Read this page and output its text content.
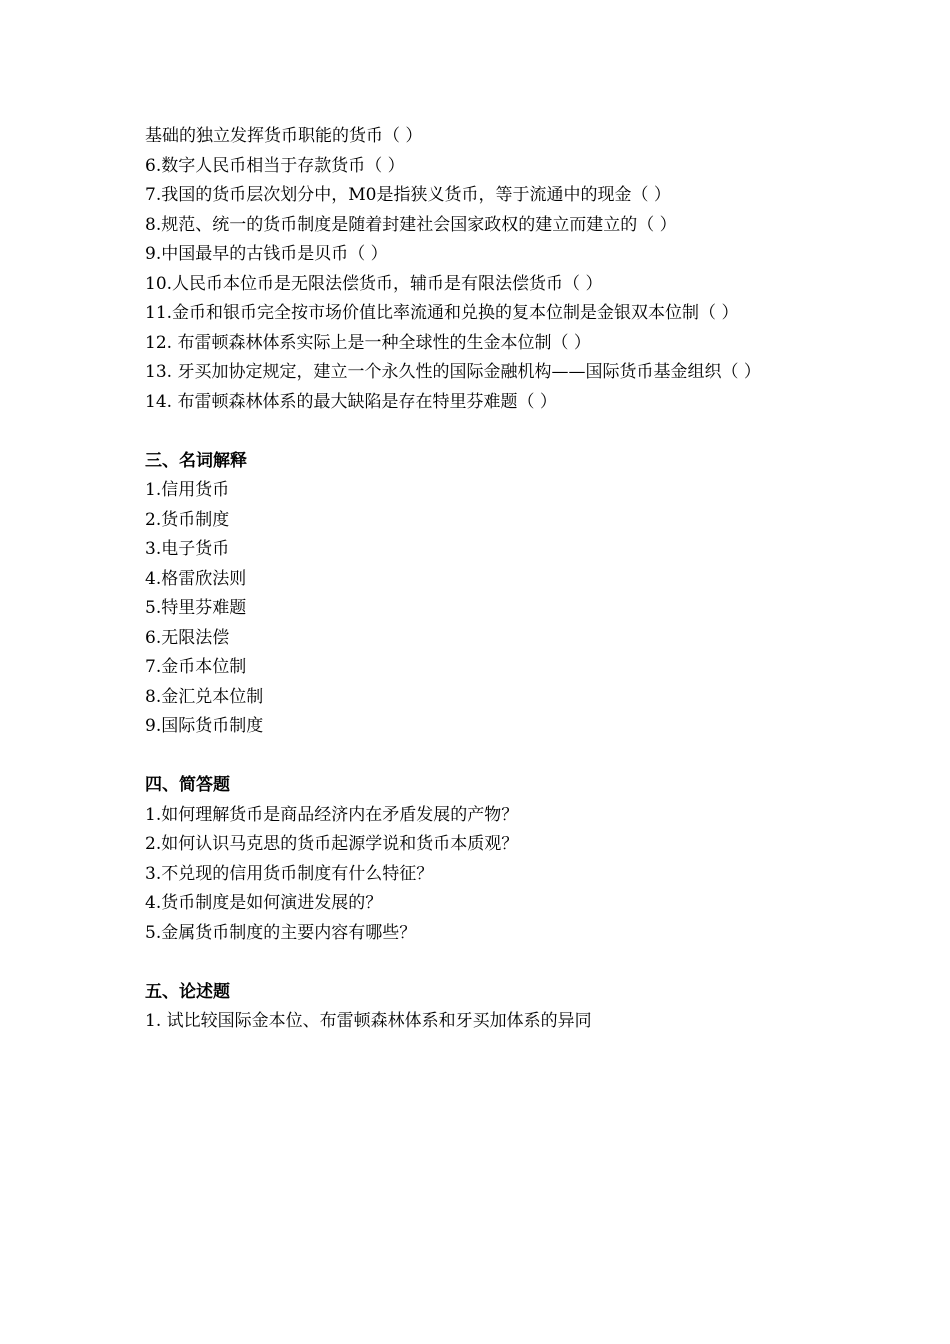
基础的独立发挥货币职能的货币（ ）
6.数字人民币相当于存款货币（ ）
7.我国的货币层次划分中，M0是指狭义货币，等于流通中的现金（ ）
8.规范、统一的货币制度是随着封建社会国家政权的建立而建立的（ ）
9.中国最早的古钱币是贝币（ ）
10.人民币本位币是无限法偿货币，辅币是有限法偿货币（ ）
11.金币和银币完全按市场价值比率流通和兑换的复本位制是金银双本位制（ ）
12. 布雷顿森林体系实际上是一种全球性的生金本位制（ ）
13. 牙买加协定规定，建立一个永久性的国际金融机构——国际货币基金组织（ ）
14. 布雷顿森林体系的最大缺陷是存在特里芬难题（ ）
三、名词解释
1.信用货币
2.货币制度
3.电子货币
4.格雷欣法则
5.特里芬难题
6.无限法偿
7.金币本位制
8.金汇兑本位制
9.国际货币制度
四、简答题
1.如何理解货币是商品经济内在矛盾发展的产物？
2.如何认识马克思的货币起源学说和货币本质观？
3.不兑现的信用货币制度有什么特征？
4.货币制度是如何演进发展的？
5.金属货币制度的主要内容有哪些？
五、论述题
1. 试比较国际金本位、布雷顿森林体系和牙买加体系的异同
